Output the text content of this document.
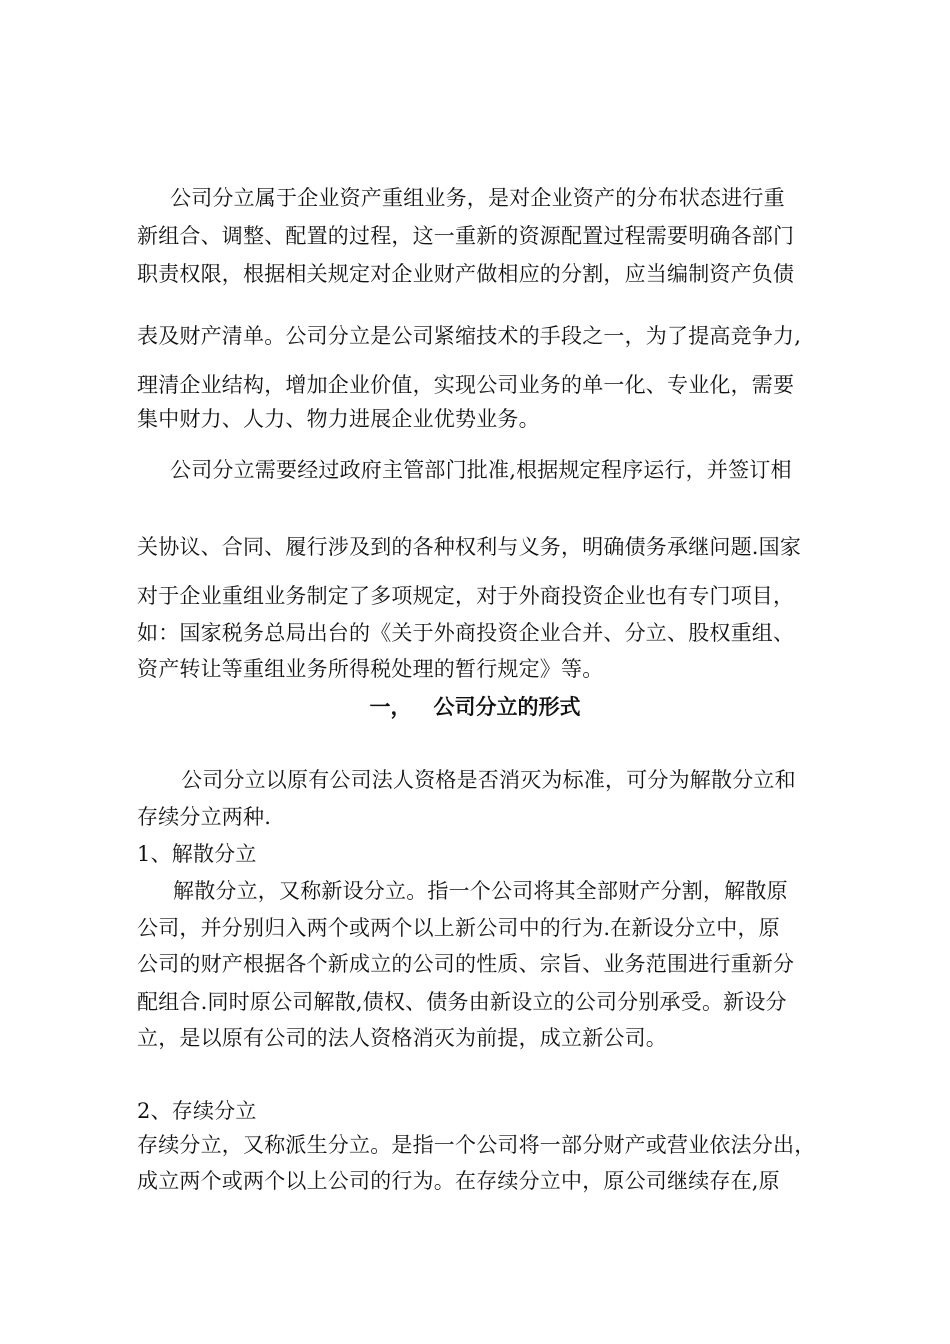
公司分立属于企业资产重组业务，是对企业资产的分布状态进行重
新组合、调整、配置的过程，这一重新的资源配置过程需要明确各部门
职责权限，根据相关规定对企业财产做相应的分割，应当编制资产负债
表及财产清单。公司分立是公司紧缩技术的手段之一，为了提高竞争力,
理清企业结构，增加企业价值，实现公司业务的单一化、专业化，需要
集中财力、人力、物力进展企业优势业务。
公司分立需要经过政府主管部门批准,根据规定程序运行，并签订相
关协议、合同、履行涉及到的各种权利与义务，明确债务承继问题.国家
对于企业重组业务制定了多项规定，对于外商投资企业也有专门项目，
如：国家税务总局出台的《关于外商投资企业合并、分立、股权重组、
资产转让等重组业务所得税处理的暂行规定》等。
一， 公司分立的形式
公司分立以原有公司法人资格是否消灭为标准，可分为解散分立和
存续分立两种.
1、解散分立
解散分立，又称新设分立。指一个公司将其全部财产分割，解散原
公司，并分别归入两个或两个以上新公司中的行为.在新设分立中，原
公司的财产根据各个新成立的公司的性质、宗旨、业务范围进行重新分
配组合.同时原公司解散,债权、债务由新设立的公司分别承受。新设分
立，是以原有公司的法人资格消灭为前提，成立新公司。
2、存续分立
存续分立，又称派生分立。是指一个公司将一部分财产或营业依法分出，
成立两个或两个以上公司的行为。在存续分立中，原公司继续存在,原
